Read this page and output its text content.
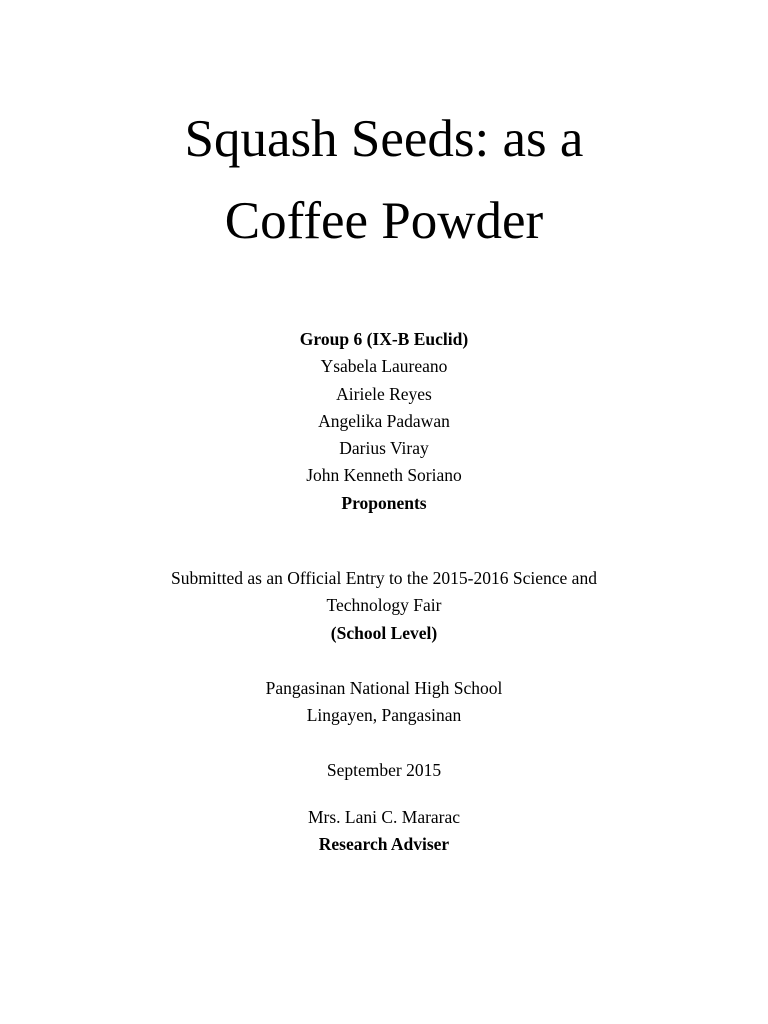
Squash Seeds: as a
Coffee Powder
Group 6 (IX-B Euclid)
Ysabela Laureano
Airiele Reyes
Angelika Padawan
Darius Viray
John Kenneth Soriano
Proponents
Submitted as an Official Entry to the 2015-2016 Science and
Technology Fair
(School Level)
Pangasinan National High School
Lingayen, Pangasinan
September 2015
Mrs. Lani C. Mararac
Research Adviser
